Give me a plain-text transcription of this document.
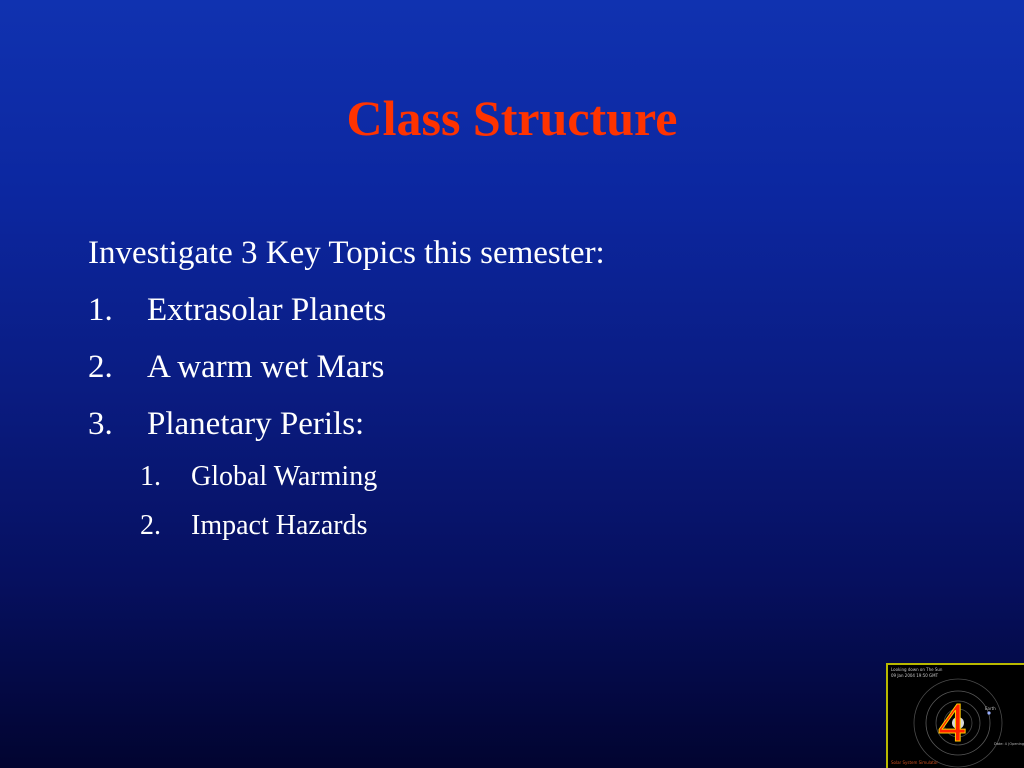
Class Structure
Investigate 3 Key Topics this semester:
1.	Extrasolar Planets
2.	A warm wet Mars
3.	Planetary Perils:
1.	Global Warming
2.	Impact Hazards
Earth
Date: 4 (Opening
Looking down on The Sun
09 Jan 2004 19:50 GMT
4
Solar System Simulator
